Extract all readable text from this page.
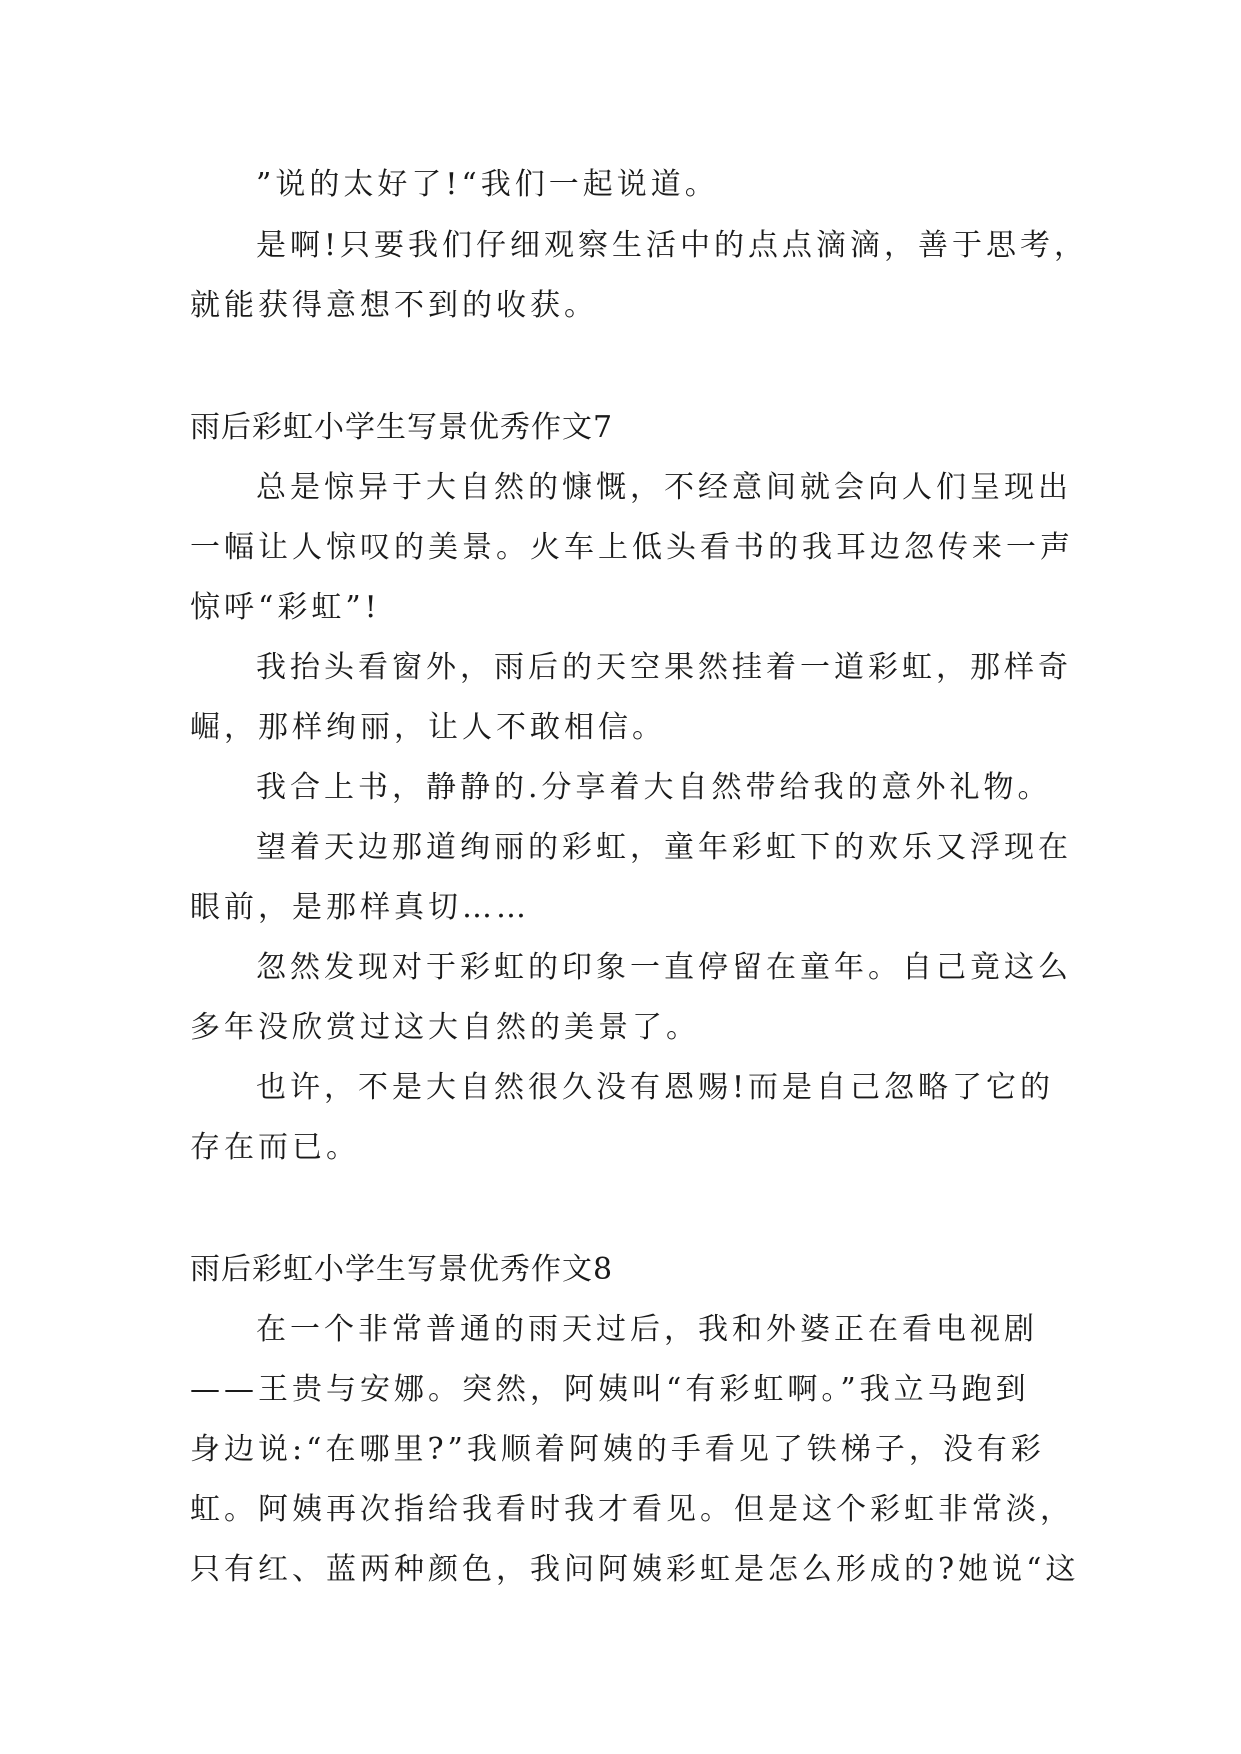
”说的太好了!“我们一起说道。
是啊!只要我们仔细观察生活中的点点滴滴，善于思考，
就能获得意想不到的收获。
雨后彩虹小学生写景优秀作文7
总是惊异于大自然的慷慨，不经意间就会向人们呈现出
一幅让人惊叹的美景。火车上低头看书的我耳边忽传来一声
惊呼“彩虹”!
我抬头看窗外，雨后的天空果然挂着一道彩虹，那样奇
崛，那样绚丽，让人不敢相信。
我合上书，静静的.分享着大自然带给我的意外礼物。
望着天边那道绚丽的彩虹，童年彩虹下的欢乐又浮现在
眼前，是那样真切……
忽然发现对于彩虹的印象一直停留在童年。自己竟这么
多年没欣赏过这大自然的美景了。
也许，不是大自然很久没有恩赐!而是自己忽略了它的
存在而已。
雨后彩虹小学生写景优秀作文8
在一个非常普通的雨天过后，我和外婆正在看电视剧
——王贵与安娜。突然，阿姨叫“有彩虹啊。”我立马跑到
身边说:“在哪里?”我顺着阿姨的手看见了铁梯子，没有彩
虹。阿姨再次指给我看时我才看见。但是这个彩虹非常淡，
只有红、蓝两种颜色，我问阿姨彩虹是怎么形成的?她说“这
